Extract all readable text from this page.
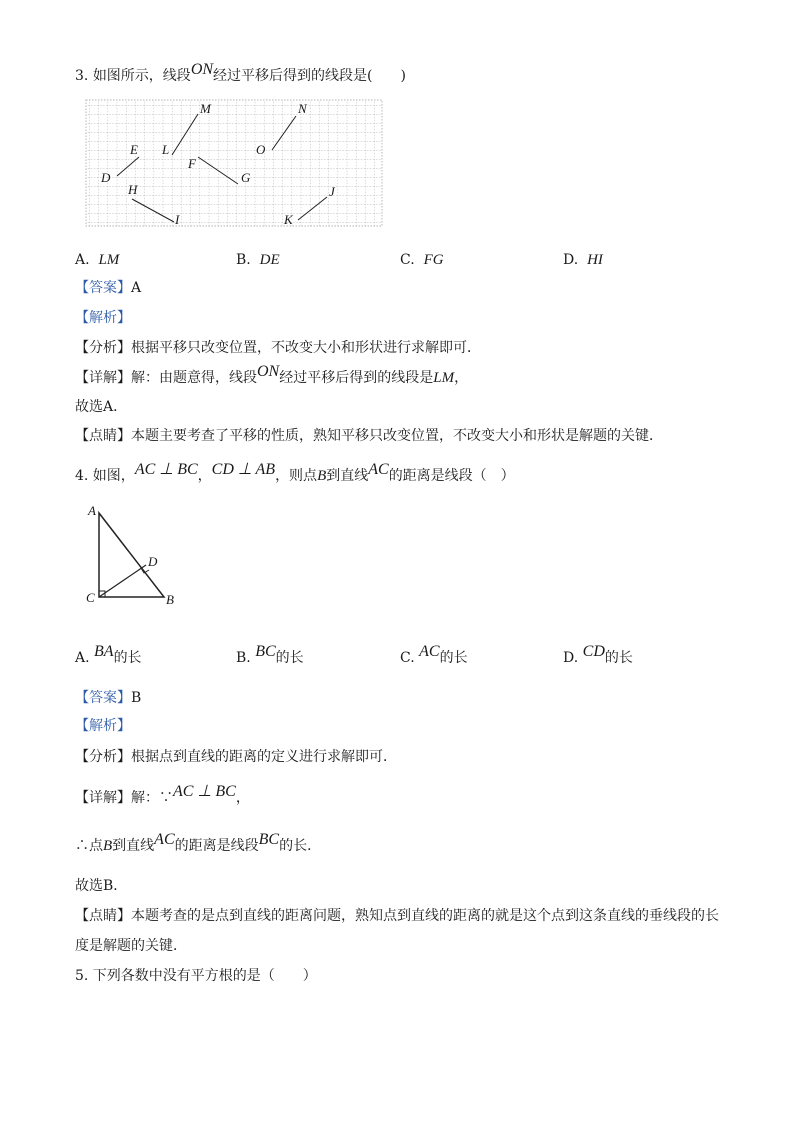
3. 如图所示，线段ON经过平移后得到的线段是(　　)
M	N
E L	O
F
G
D
H	J
I	K
A. LM	B. DE	C. FG	D. HI
【答案】A
【解析】
【分析】根据平移只改变位置，不改变大小和形状进行求解即可．
【详解】解：由题意得，线段ON经过平移后得到的线段是LM，
故选A．
【点睛】本题主要考查了平移的性质，熟知平移只改变位置，不改变大小和形状是解题的关键．
4. 如图，AC ⊥ BC，CD ⊥ AB，则点B到直线AC的距离是线段（　）
A
D
C	B
A. BA的长	B. BC的长	C. AC的长	D. CD的长
【答案】B
【解析】
【分析】根据点到直线的距离的定义进行求解即可．
【详解】解：∵AC ⊥ BC，
∴点B到直线AC的距离是线段BC的长．
故选B．
【点睛】本题考查的是点到直线的距离问题，熟知点到直线的距离的就是这个点到这条直线的垂线段的长
度是解题的关键．
5. 下列各数中没有平方根的是（　　）
